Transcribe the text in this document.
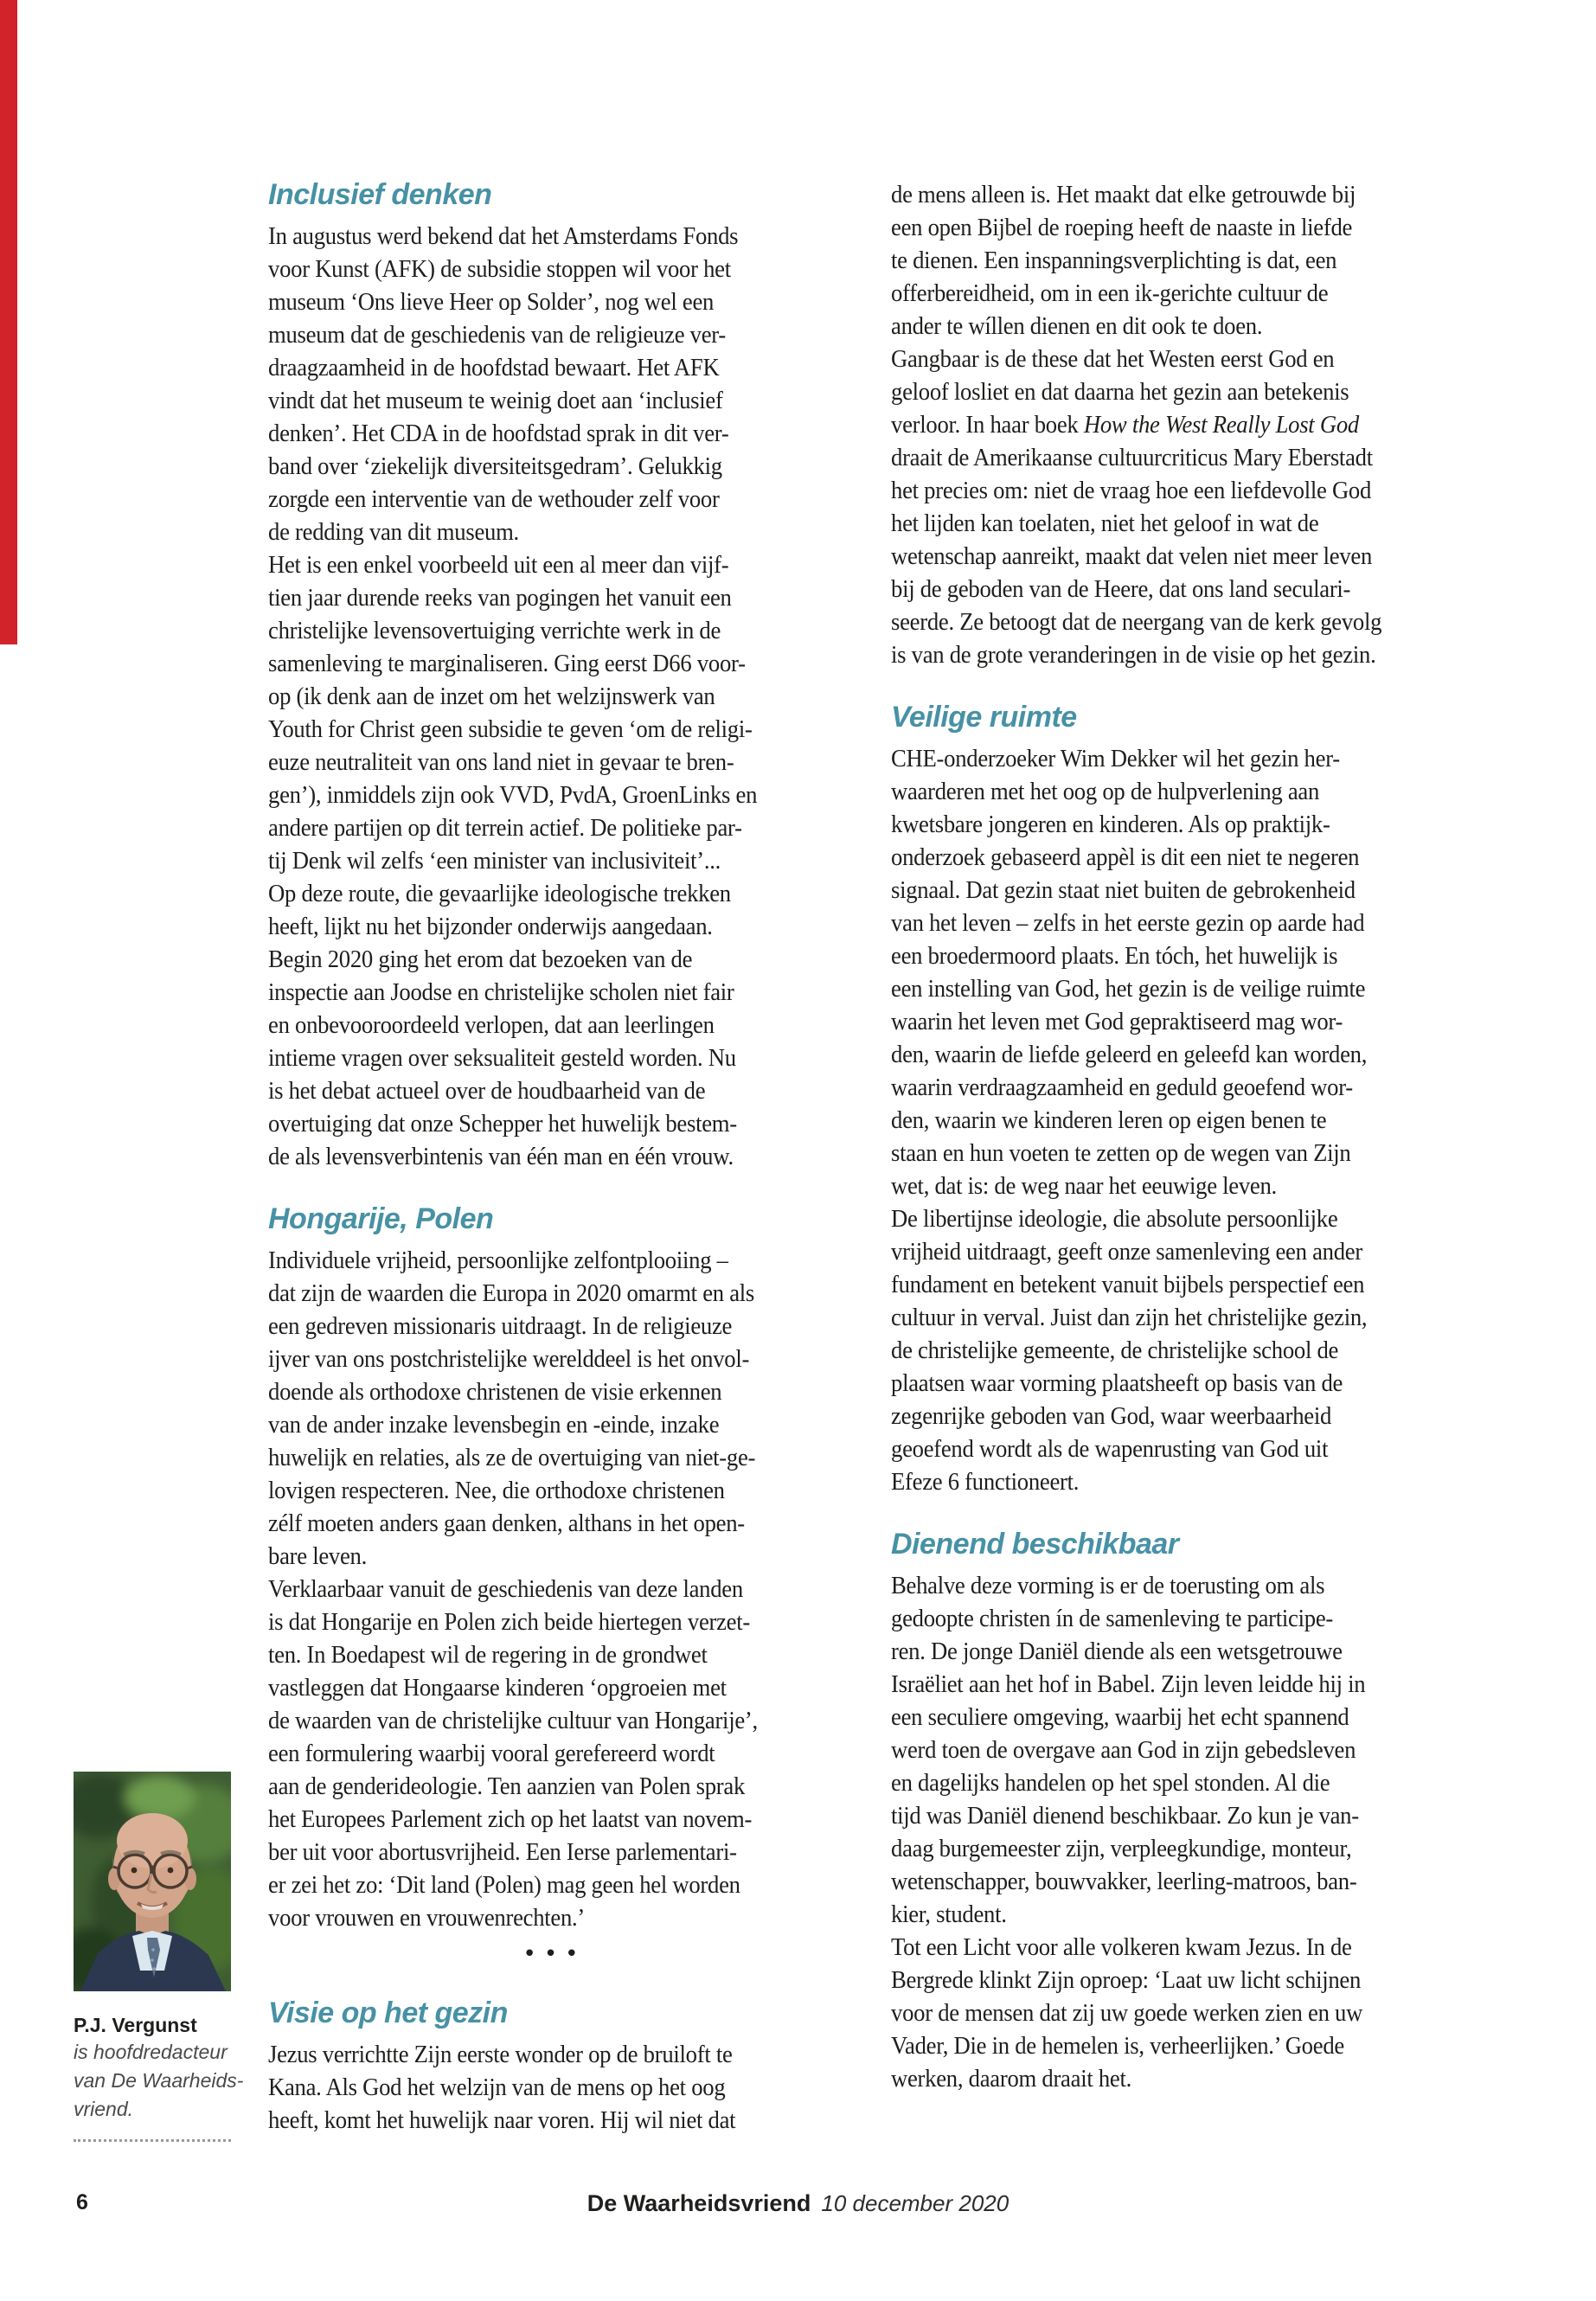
Inclusief denken
In augustus werd bekend dat het Amsterdams Fonds
voor Kunst (AFK) de subsidie stoppen wil voor het
museum ‘Ons lieve Heer op Solder’, nog wel een
museum dat de geschiedenis van de religieuze ver-
draagzaamheid in de hoofdstad bewaart. Het AFK
vindt dat het museum te weinig doet aan ‘inclusief
denken’. Het CDA in de hoofdstad sprak in dit ver-
band over ‘ziekelijk diversiteitsgedram’. Gelukkig
zorgde een interventie van de wethouder zelf voor
de redding van dit museum.
Het is een enkel voorbeeld uit een al meer dan vijf-
tien jaar durende reeks van pogingen het vanuit een
christelijke levensovertuiging verrichte werk in de
samenleving te marginaliseren. Ging eerst D66 voor-
op (ik denk aan de inzet om het welzijnswerk van
Youth for Christ geen subsidie te geven ‘om de religi-
euze neutraliteit van ons land niet in gevaar te bren-
gen’), inmiddels zijn ook VVD, PvdA, GroenLinks en
andere partijen op dit terrein actief. De politieke par-
tij Denk wil zelfs ‘een minister van inclusiviteit’...
Op deze route, die gevaarlijke ideologische trekken
heeft, lijkt nu het bijzonder onderwijs aangedaan.
Begin 2020 ging het erom dat bezoeken van de
inspectie aan Joodse en christelijke scholen niet fair
en onbevooroordeeld verlopen, dat aan leerlingen
intieme vragen over seksualiteit gesteld worden. Nu
is het debat actueel over de houdbaarheid van de
overtuiging dat onze Schepper het huwelijk bestem-
de als levensverbintenis van één man en één vrouw.
Hongarije, Polen
Individuele vrijheid, persoonlijke zelfontplooiing –
dat zijn de waarden die Europa in 2020 omarmt en als
een gedreven missionaris uitdraagt. In de religieuze
ijver van ons postchristelijke werelddeel is het onvol-
doende als orthodoxe christenen de visie erkennen
van de ander inzake levensbegin en -einde, inzake
huwelijk en relaties, als ze de overtuiging van niet-ge-
lovigen respecteren. Nee, die orthodoxe christenen
zélf moeten anders gaan denken, althans in het open-
bare leven.
Verklaarbaar vanuit de geschiedenis van deze landen
is dat Hongarije en Polen zich beide hiertegen verzet-
ten. In Boedapest wil de regering in de grondwet
vastleggen dat Hongaarse kinderen ‘opgroeien met
de waarden van de christelijke cultuur van Hongarije’,
een formulering waarbij vooral gerefereerd wordt
aan de genderideologie. Ten aanzien van Polen sprak
het Europees Parlement zich op het laatst van novem-
ber uit voor abortusvrijheid. Een Ierse parlementari-
er zei het zo: ‘Dit land (Polen) mag geen hel worden
voor vrouwen en vrouwenrechten.’
•••
Visie op het gezin
Jezus verrichtte Zijn eerste wonder op de bruiloft te
Kana. Als God het welzijn van de mens op het oog
heeft, komt het huwelijk naar voren. Hij wil niet dat
de mens alleen is. Het maakt dat elke getrouwde bij
een open Bijbel de roeping heeft de naaste in liefde
te dienen. Een inspanningsverplichting is dat, een
offerbereidheid, om in een ik-gerichte cultuur de
ander te wíllen dienen en dit ook te doen.
Gangbaar is de these dat het Westen eerst God en
geloof losliet en dat daarna het gezin aan betekenis
verloor. In haar boek How the West Really Lost God
draait de Amerikaanse cultuurcriticus Mary Eberstadt
het precies om: niet de vraag hoe een liefdevolle God
het lijden kan toelaten, niet het geloof in wat de
wetenschap aanreikt, maakt dat velen niet meer leven
bij de geboden van de Heere, dat ons land seculari-
seerde. Ze betoogt dat de neergang van de kerk gevolg
is van de grote veranderingen in de visie op het gezin.
Veilige ruimte
CHE-onderzoeker Wim Dekker wil het gezin her-
waarderen met het oog op de hulpverlening aan
kwetsbare jongeren en kinderen. Als op praktijk-
onderzoek gebaseerd appèl is dit een niet te negeren
signaal. Dat gezin staat niet buiten de gebrokenheid
van het leven – zelfs in het eerste gezin op aarde had
een broedermoord plaats. En tóch, het huwelijk is
een instelling van God, het gezin is de veilige ruimte
waarin het leven met God gepraktiseerd mag wor-
den, waarin de liefde geleerd en geleefd kan worden,
waarin verdraagzaamheid en geduld geoefend wor-
den, waarin we kinderen leren op eigen benen te
staan en hun voeten te zetten op de wegen van Zijn
wet, dat is: de weg naar het eeuwige leven.
De libertijnse ideologie, die absolute persoonlijke
vrijheid uitdraagt, geeft onze samenleving een ander
fundament en betekent vanuit bijbels perspectief een
cultuur in verval. Juist dan zijn het christelijke gezin,
de christelijke gemeente, de christelijke school de
plaatsen waar vorming plaatsheeft op basis van de
zegenrijke geboden van God, waar weerbaarheid
geoefend wordt als de wapenrusting van God uit
Efeze 6 functioneert.
Dienend beschikbaar
Behalve deze vorming is er de toerusting om als
gedoopte christen ín de samenleving te participe-
ren. De jonge Daniël diende als een wetsgetrouwe
Israëliet aan het hof in Babel. Zijn leven leidde hij in
een seculiere omgeving, waarbij het echt spannend
werd toen de overgave aan God in zijn gebedsleven
en dagelijks handelen op het spel stonden. Al die
tijd was Daniël dienend beschikbaar. Zo kun je van-
daag burgemeester zijn, verpleegkundige, monteur,
wetenschapper, bouwvakker, leerling-matroos, ban-
kier, student.
Tot een Licht voor alle volkeren kwam Jezus. In de
Bergrede klinkt Zijn oproep: ‘Laat uw licht schijnen
voor de mensen dat zij uw goede werken zien en uw
Vader, Die in de hemelen is, verheerlijken.’ Goede
werken, daarom draait het.
P.J. Vergunst
is hoofdredacteur
van De Waarheids-
vriend.
6	De Waarheidsvriend 10 december 2020
